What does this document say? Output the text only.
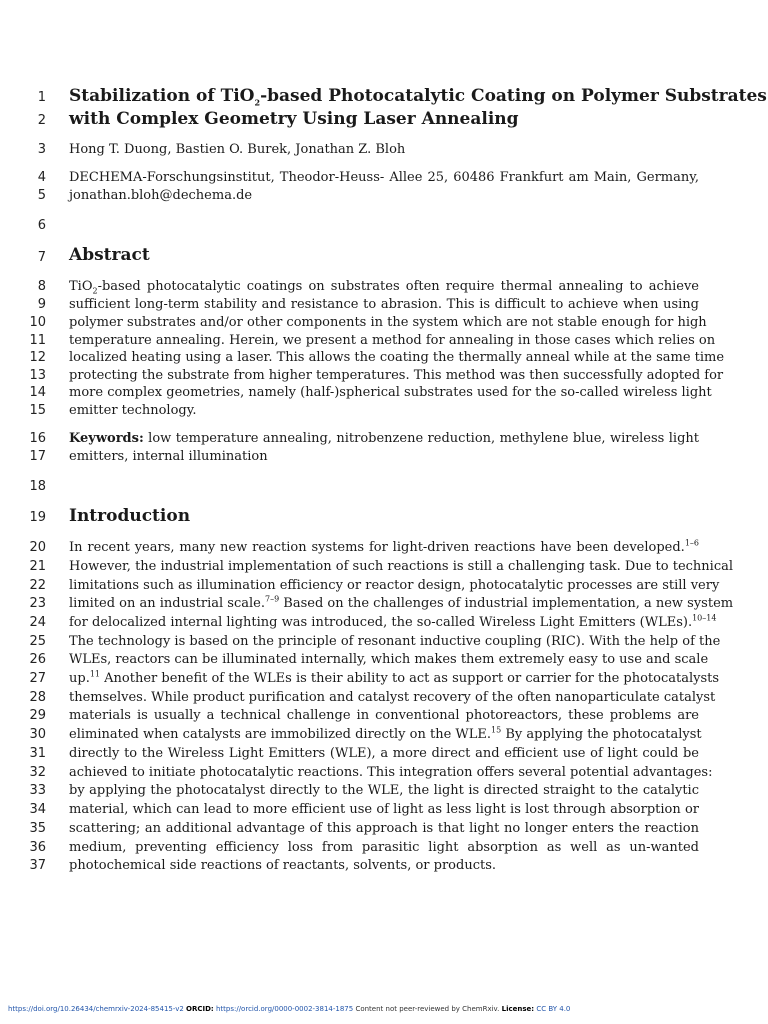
1
2
3
4
5
6
7
8
9
10
11
12
13
14
15
16
17
18
19
20
21
22
23
24
25
26
27
28
29
30
31
32
33
34
35
36
37
Stabilization of TiO$_2$-based Photocatalytic Coating on Polymer Substrates
with Complex Geometry Using Laser Annealing
Hong T. Duong, Bastien O. Burek, Jonathan Z. Bloh
DECHEMA-Forschungsinstitut, Theodor-Heuss- Allee 25, 60486 Frankfurt am Main, Germany,
jonathan.bloh@dechema.de
Abstract
TiO$_2$-based photocatalytic coatings on substrates often require thermal annealing to achieve
sufficient long-term stability and resistance to abrasion. This is difficult to achieve when using
polymer substrates and/or other components in the system which are not stable enough for high
temperature annealing. Herein, we present a method for annealing in those cases which relies on
localized heating using a laser. This allows the coating the thermally anneal while at the same time
protecting the substrate from higher temperatures. This method was then successfully adopted for
more complex geometries, namely (half-)spherical substrates used for the so-called wireless light
emitter technology.
Keywords: low temperature annealing, nitrobenzene reduction, methylene blue, wireless light
emitters, internal illumination
Introduction
In recent years, many new reaction systems for light-driven reactions have been developed.$^{1-6}$
However, the industrial implementation of such reactions is still a challenging task. Due to technical
limitations such as illumination efficiency or reactor design, photocatalytic processes are still very
limited on an industrial scale.$^{7-9}$ Based on the challenges of industrial implementation, a new system
for delocalized internal lighting was introduced, the so-called Wireless Light Emitters (WLEs).$^{10-14}$
The technology is based on the principle of resonant inductive coupling (RIC). With the help of the
WLEs, reactors can be illuminated internally, which makes them extremely easy to use and scale
up.$^{11}$ Another benefit of the WLEs is their ability to act as support or carrier for the photocatalysts
themselves. While product purification and catalyst recovery of the often nanoparticulate catalyst
materials is usually a technical challenge in conventional photoreactors, these problems are
eliminated when catalysts are immobilized directly on the WLE.$^{15}$ By applying the photocatalyst
directly to the Wireless Light Emitters (WLE), a more direct and efficient use of light could be
achieved to initiate photocatalytic reactions. This integration offers several potential advantages:
by applying the photocatalyst directly to the WLE, the light is directed straight to the catalytic
material, which can lead to more efficient use of light as less light is lost through absorption or
scattering; an additional advantage of this approach is that light no longer enters the reaction
medium, preventing efficiency loss from parasitic light absorption as well as un-wanted
photochemical side reactions of reactants, solvents, or products.
https://doi.org/10.26434/chemrxiv-2024-85415-v2 ORCID: https://orcid.org/0000-0002-3814-1875 Content not peer-reviewed by ChemRxiv. License: CC BY 4.0
